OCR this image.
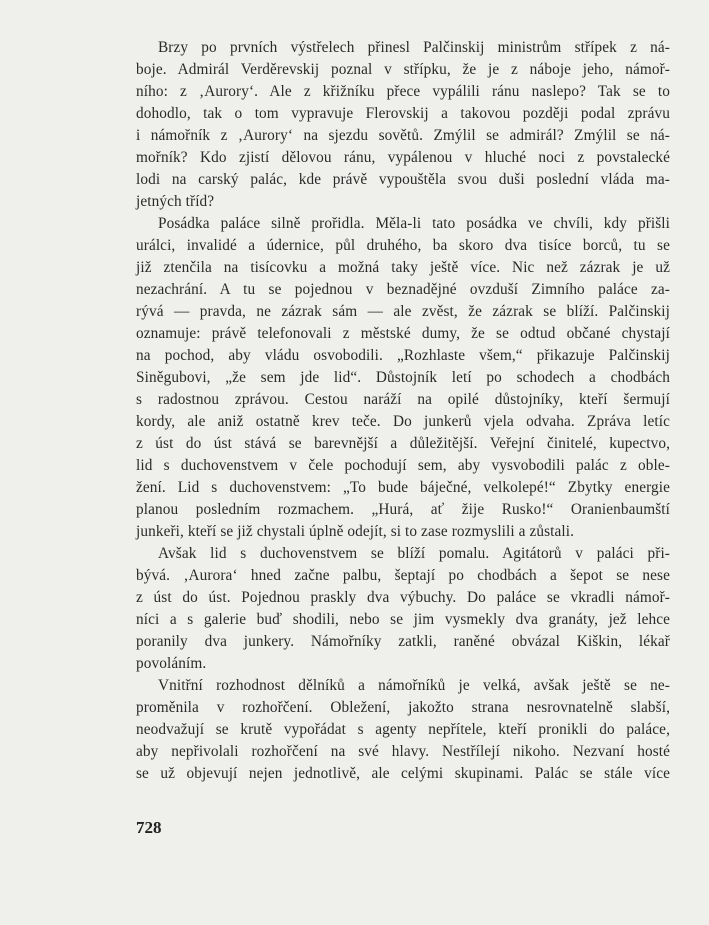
Brzy po prvních výstřelech přinesl Palčinskij ministrům střípek z ná-
boje. Admirál Verděrevskij poznal v střípku, že je z náboje jeho, námoř-
ního: z ‚Aurory‘. Ale z křižníku přece vypálili ránu naslepo? Tak se to
dohodlo, tak o tom vypravuje Flerovskij a takovou později podal zprávu
i námořník z ‚Aurory‘ na sjezdu sovětů. Zmýlil se admirál? Zmýlil se ná-
mořník? Kdo zjistí dělovou ránu, vypálenou v hluché noci z povstalecké
lodi na carský palác, kde právě vypouštěla svou duši poslední vláda ma-
jetných tříd?
Posádka paláce silně prořidla. Měla-li tato posádka ve chvíli, kdy přišli
urálci, invalidé a údernice, půl druhého, ba skoro dva tisíce borců, tu se
již ztenčila na tisícovku a možná taky ještě více. Nic než zázrak je už
nezachrání. A tu se pojednou v beznadějné ovzduší Zimního paláce za-
rývá — pravda, ne zázrak sám — ale zvěst, že zázrak se blíží. Palčinskij
oznamuje: právě telefonovali z městské dumy, že se odtud občané chystají
na pochod, aby vládu osvobodili. „Rozhlaste všem,“ přikazuje Palčinskij
Siněgubovi, „že sem jde lid“. Důstojník letí po schodech a chodbách
s radostnou zprávou. Cestou naráží na opilé důstojníky, kteří šermují
kordy, ale aniž ostatně krev teče. Do junkerů vjela odvaha. Zpráva letíc
z úst do úst stává se barevnější a důležitější. Veřejní činitelé, kupectvo,
lid s duchovenstvem v čele pochodují sem, aby vysvobodili palác z oble-
žení. Lid s duchovenstvem: „To bude báječné, velkolepé!“ Zbytky energie
planou posledním rozmachem. „Hurá, ať žije Rusko!“ Oranienbaumští
junkeři, kteří se již chystali úplně odejít, si to zase rozmyslili a zůstali.
Avšak lid s duchovenstvem se blíží pomalu. Agitátorů v paláci při-
bývá. ‚Aurora‘ hned začne palbu, šeptají po chodbách a šepot se nese
z úst do úst. Pojednou praskly dva výbuchy. Do paláce se vkradli námoř-
níci a s galerie buď shodili, nebo se jim vysmekly dva granáty, jež lehce
poranily dva junkery. Námořníky zatkli, raněné obvázal Kiškin, lékař
povoláním.
Vnitřní rozhodnost dělníků a námořníků je velká, avšak ještě se ne-
proměnila v rozhořčení. Obležení, jakožto strana nesrovnatelně slabší,
neodvažují se krutě vypořádat s agenty nepřítele, kteří pronikli do paláce,
aby nepřivolali rozhořčení na své hlavy. Nestřílejí nikoho. Nezvaní hosté
se už objevují nejen jednotlivě, ale celými skupinami. Palác se stále více
728
